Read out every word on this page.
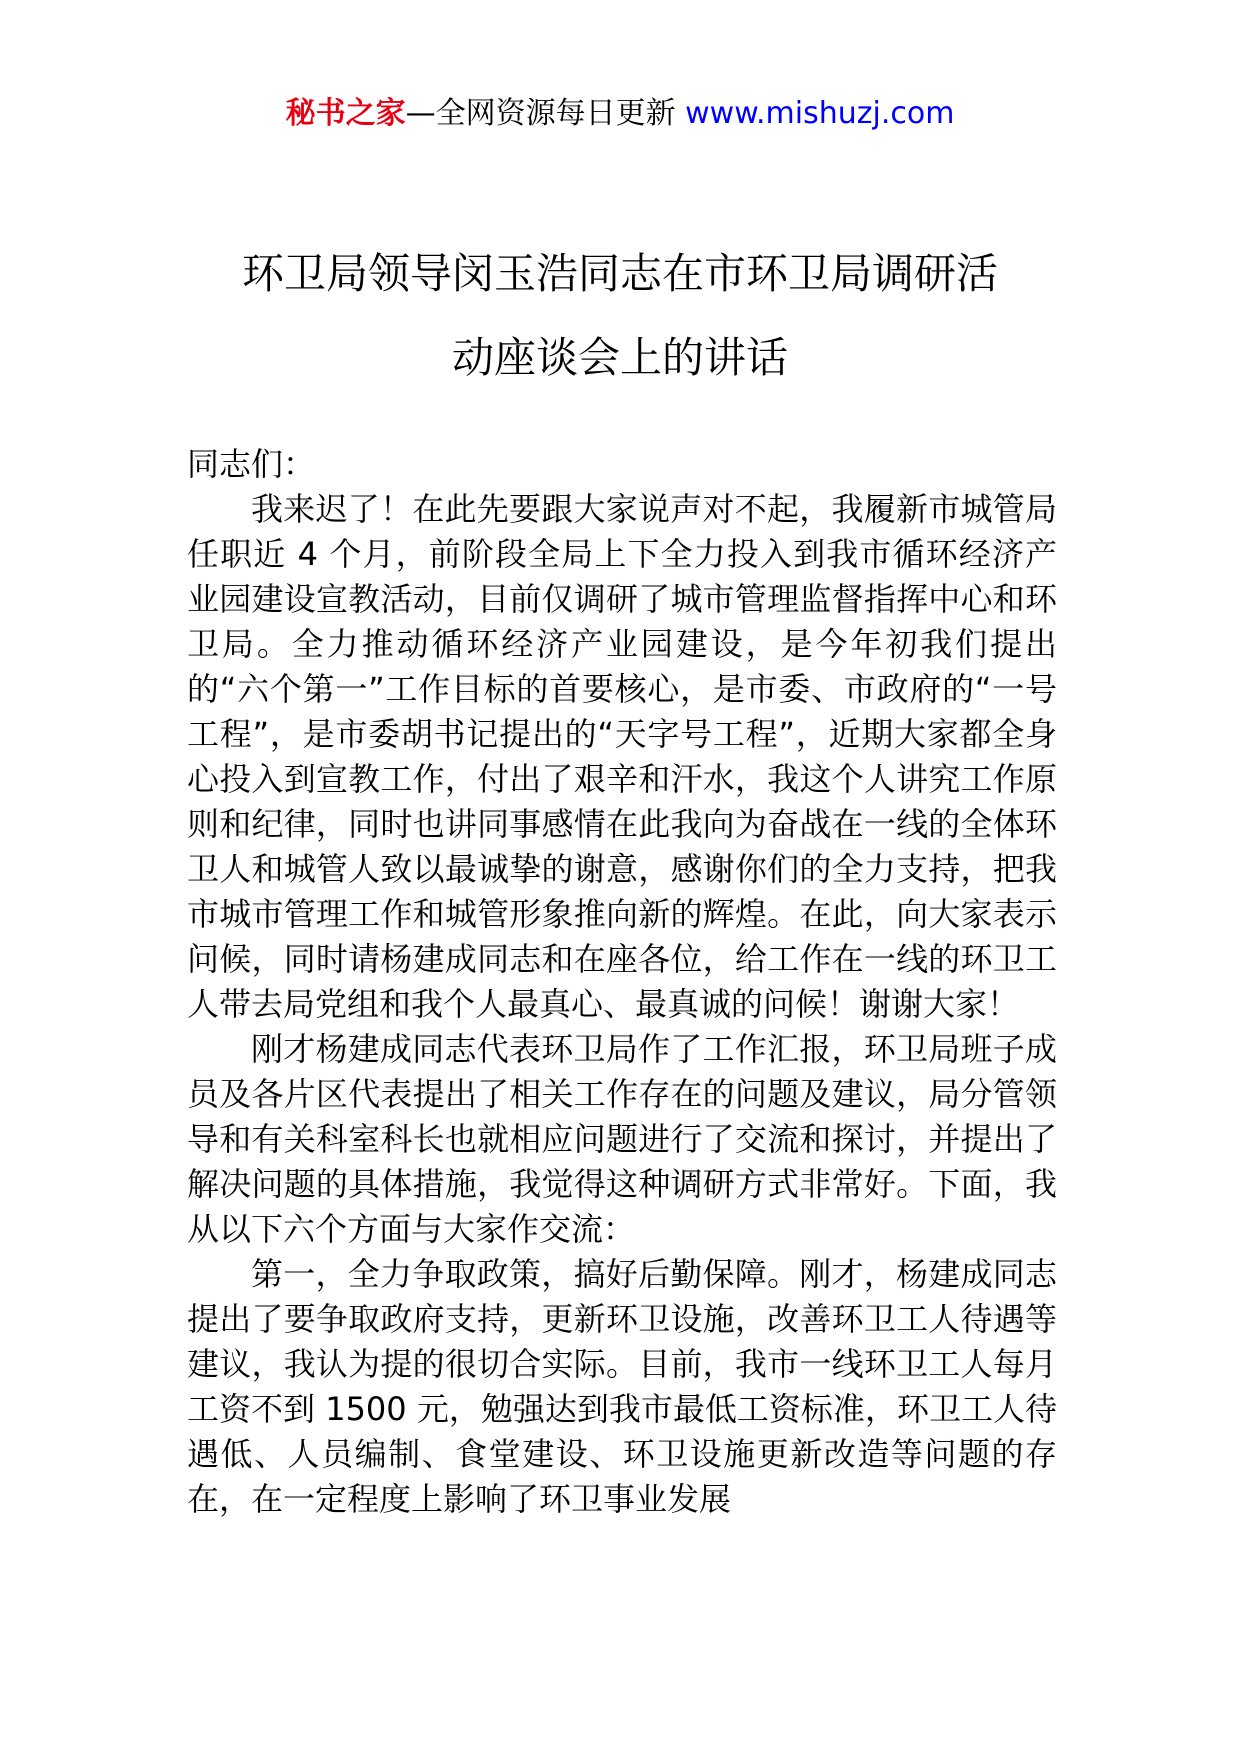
秘书之家—全网资源每日更新 www.mishuzj.com
环卫局领导闵玉浩同志在市环卫局调研活
动座谈会上的讲话

同志们：

我来迟了！在此先要跟大家说声对不起，我履新市城管局任职近 4 个月，前阶段全局上下全力投入到我市循环经济产业园建设宣教活动，目前仅调研了城市管理监督指挥中心和环卫局。全力推动循环经济产业园建设，是今年初我们提出的“六个第一”工作目标的首要核心，是市委、市政府的“一号工程”，是市委胡书记提出的“天字号工程”，近期大家都全身心投入到宣教工作，付出了艰辛和汗水，我这个人讲究工作原则和纪律，同时也讲同事感情在此我向为奋战在一线的全体环卫人和城管人致以最诚挚的谢意，感谢你们的全力支持，把我市城市管理工作和城管形象推向新的辉煌。在此，向大家表示问候，同时请杨建成同志和在座各位，给工作在一线的环卫工人带去局党组和我个人最真心、最真诚的问候！谢谢大家！

刚才杨建成同志代表环卫局作了工作汇报，环卫局班子成员及各片区代表提出了相关工作存在的问题及建议，局分管领导和有关科室科长也就相应问题进行了交流和探讨，并提出了解决问题的具体措施，我觉得这种调研方式非常好。下面，我从以下六个方面与大家作交流：

第一，全力争取政策，搞好后勤保障。刚才，杨建成同志提出了要争取政府支持，更新环卫设施，改善环卫工人待遇等建议，我认为提的很切合实际。目前，我市一线环卫工人每月工资不到 1500 元，勉强达到我市最低工资标准，环卫工人待遇低、人员编制、食堂建设、环卫设施更新改造等问题的存在，在一定程度上影响了环卫事业发展
